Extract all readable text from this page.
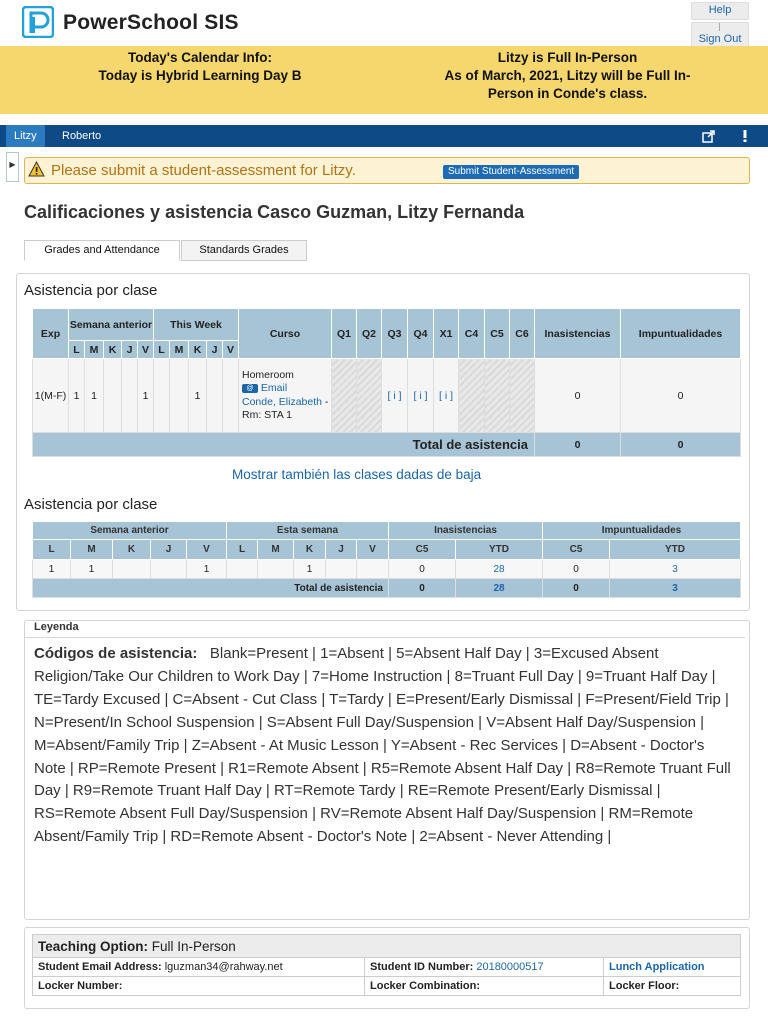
PowerSchool SIS
Help
Sign Out
Today's Calendar Info:
Today is Hybrid Learning Day B
Litzy is Full In-Person
As of March, 2021, Litzy will be Full In-
Person in Conde's class.
Litzy	Roberto
▶ Please submit a student-assessment for Litzy.	Submit Student-Assessment
Calificaciones y asistencia Casco Guzman, Litzy Fernanda
Grades and Attendance	Standards Grades
Asistencia por clase
Exp	Semana anterior					This Week					Curso	Q1	Q2	Q3	Q4	X1	C4	C5	C6	Inasistencias	Impuntualidades
	L	M	K	J	V	L	M	K	J	V											
1(M-F)	1	1			1			1			Homeroom
@ Email
Conde, Elizabeth - Rm: STA 1			[ i ]	[ i ]	[ i ]				0	0
Total de asistencia																				0	0
Mostrar también las clases dadas de baja
Asistencia por clase
Semana anterior					Esta semana					Inasistencias		Impuntualidades	
L	M	K	J	V	L	M	K	J	V	C5	YTD	C5	YTD
1	1			1			1			0	28	0	3
Total de asistencia										0	28	0	3
Leyenda
Códigos de asistencia: Blank=Present | 1=Absent | 5=Absent Half Day | 3=Excused Absent Religion/Take Our Children to Work Day | 7=Home Instruction | 8=Truant Full Day | 9=Truant Half Day | TE=Tardy Excused | C=Absent - Cut Class | T=Tardy | E=Present/Early Dismissal | F=Present/Field Trip | N=Present/In School Suspension | S=Absent Full Day/Suspension | V=Absent Half Day/Suspension | M=Absent/Family Trip | Z=Absent - At Music Lesson | Y=Absent - Rec Services | D=Absent - Doctor's Note | RP=Remote Present | R1=Remote Absent | R5=Remote Absent Half Day | R8=Remote Truant Full Day | R9=Remote Truant Half Day | RT=Remote Tardy | RE=Remote Present/Early Dismissal | RS=Remote Absent Full Day/Suspension | RV=Remote Absent Half Day/Suspension | RM=Remote Absent/Family Trip | RD=Remote Absent - Doctor's Note | 2=Absent - Never Attending |
Teaching Option: Full In-Person		
Student Email Address: lguzman34@rahway.net	Student ID Number: 20180000517	Lunch Application
Locker Number:	Locker Combination:	Locker Floor:
